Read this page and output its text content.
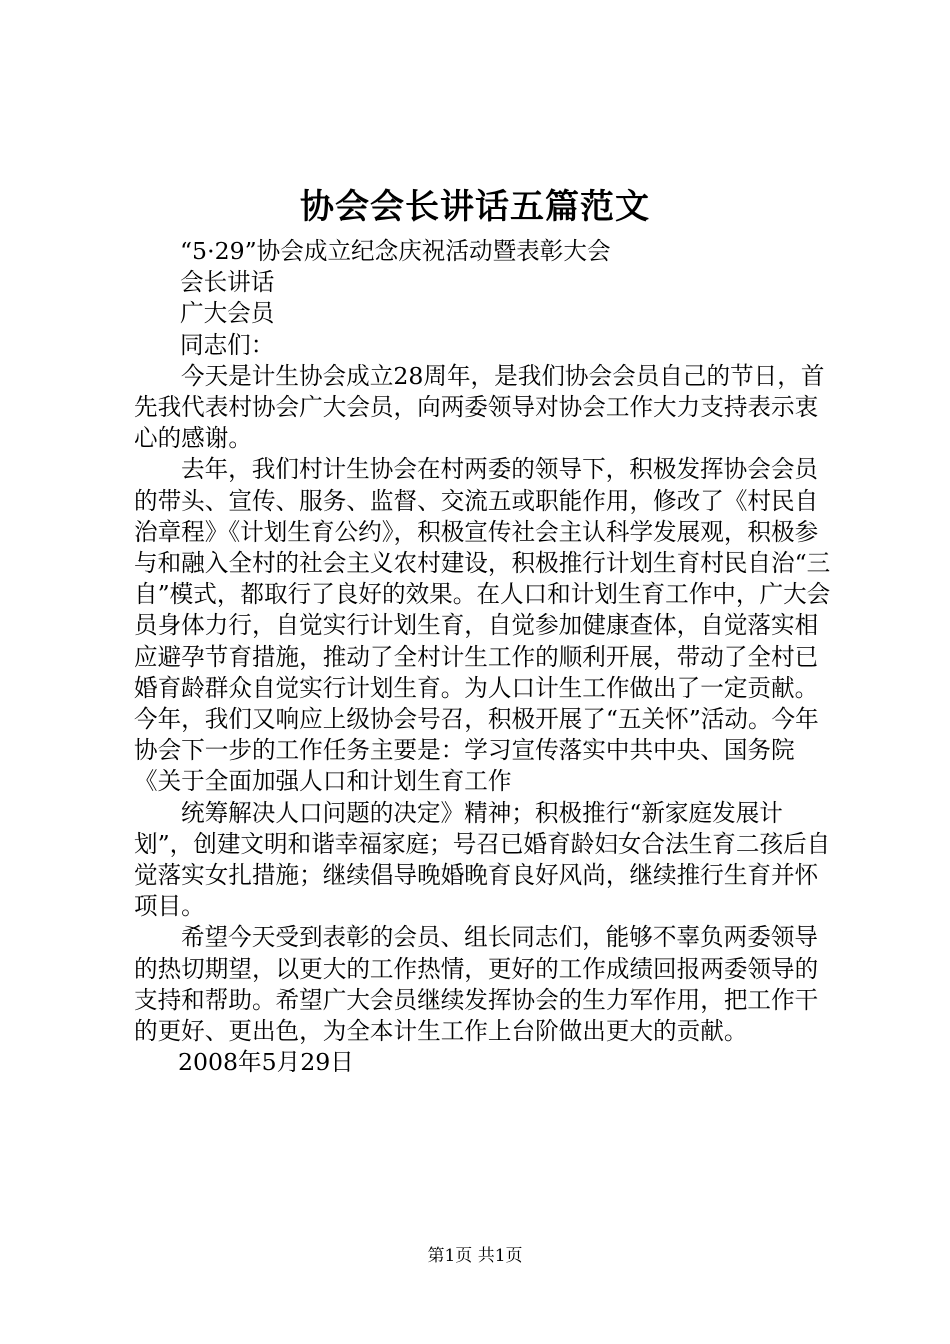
协会会长讲话五篇范文

“5·29”协会成立纪念庆祝活动暨表彰大会

会长讲话

广大会员

同志们：

今天是计生协会成立28周年，是我们协会会员自己的节日，首先我代表村协会广大会员，向两委领导对协会工作大力支持表示衷心的感谢。

去年，我们村计生协会在村两委的领导下，积极发挥协会会员的带头、宣传、服务、监督、交流五或职能作用，修改了《村民自治章程》《计划生育公约》，积极宣传社会主认科学发展观，积极参与和融入全村的社会主义农村建设，积极推行计划生育村民自治“三自”模式，都取行了良好的效果。在人口和计划生育工作中，广大会员身体力行，自觉实行计划生育，自觉参加健康查体，自觉落实相应避孕节育措施，推动了全村计生工作的顺利开展，带动了全村已婚育龄群众自觉实行计划生育。为人口计生工作做出了一定贡献。今年，我们又响应上级协会号召，积极开展了“五关怀”活动。今年协会下一步的工作任务主要是：学习宣传落实中共中央、国务院《关于全面加强人口和计划生育工作

统筹解决人口问题的决定》精神；积极推行“新家庭发展计划”，创建文明和谐幸福家庭；号召已婚育龄妇女合法生育二孩后自觉落实女扎措施；继续倡导晚婚晚育良好风尚，继续推行生育并怀项目。

希望今天受到表彰的会员、组长同志们，能够不辜负两委领导的热切期望，以更大的工作热情，更好的工作成绩回报两委领导的支持和帮助。希望广大会员继续发挥协会的生力军作用，把工作干的更好、更出色，为全本计生工作上台阶做出更大的贡献。

2008年5月29日

第1页 共1页
